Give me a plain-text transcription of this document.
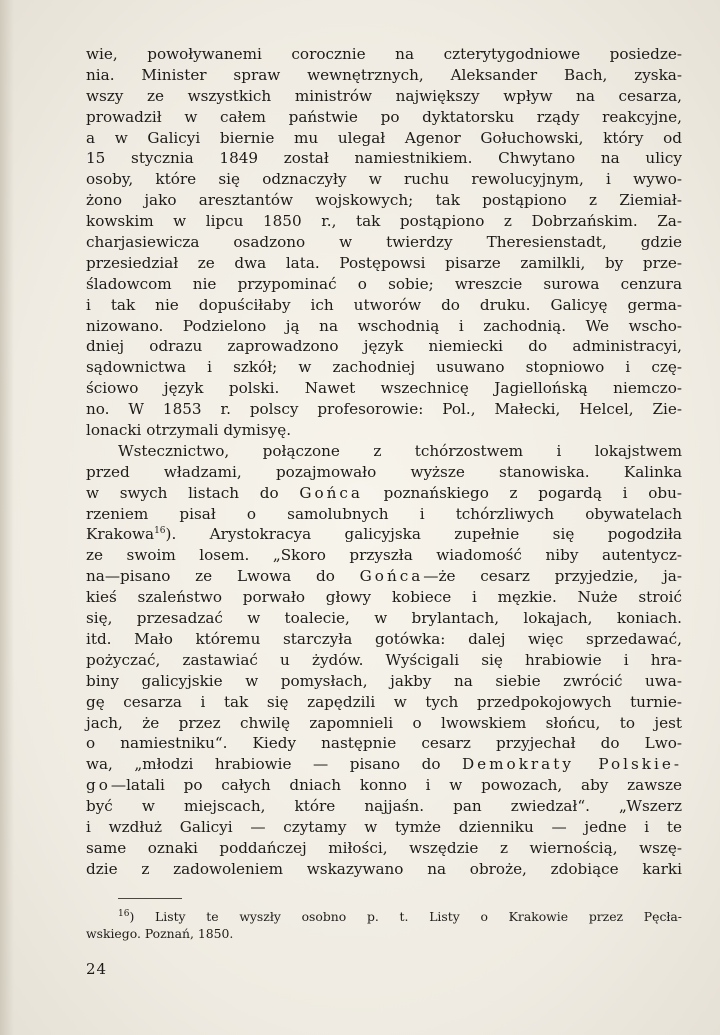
wie, powoływanemi corocznie na czterytygodniowe posiedze-
nia. Minister spraw wewnętrznych, Aleksander Bach, zyska-
wszy ze wszystkich ministrów największy wpływ na cesarza,
prowadził w całem państwie po dyktatorsku rządy reakcyjne,
a w Galicyi biernie mu ulegał Agenor Gołuchowski, który od
15 stycznia 1849 został namiestnikiem. Chwytano na ulicy
osoby, które się odznaczyły w ruchu rewolucyjnym, i wywo-
żono jako aresztantów wojskowych; tak postąpiono z Ziemiał-
kowskim w lipcu 1850 r., tak postąpiono z Dobrzańskim. Za-
charjasiewicza osadzono w twierdzy Theresienstadt, gdzie
przesiedział ze dwa lata. Postępowsi pisarze zamilkli, by prze-
śladowcom nie przypominać o sobie; wreszcie surowa cenzura
i tak nie dopuściłaby ich utworów do druku. Galicyę germa-
nizowano. Podzielono ją na wschodnią i zachodnią. We wscho-
dniej odrazu zaprowadzono język niemiecki do administracyi,
sądownictwa i szkół; w zachodniej usuwano stopniowo i czę-
ściowo język polski. Nawet wszechnicę Jagiellońską niemczo-
no. W 1853 r. polscy profesorowie: Pol., Małecki, Helcel, Zie-
lonacki otrzymali dymisyę.
Wstecznictwo, połączone z tchórzostwem i lokajstwem
przed władzami, pozajmowało wyższe stanowiska. Kalinka
w swych listach do Gońca poznańskiego z pogardą i obu-
rzeniem pisał o samolubnych i tchórzliwych obywatelach
Krakowa$^{16}$). Arystokracya galicyjska zupełnie się pogodziła
ze swoim losem. „Skoro przyszła wiadomość niby autentycz-
na—pisano ze Lwowa do Gońca—że cesarz przyjedzie, ja-
kieś szaleństwo porwało głowy kobiece i męzkie. Nuże stroić
się, przesadzać w toalecie, w brylantach, lokajach, koniach.
itd. Mało któremu starczyła gotówka: dalej więc sprzedawać,
pożyczać, zastawiać u żydów. Wyścigali się hrabiowie i hra-
biny galicyjskie w pomysłach, jakby na siebie zwrócić uwa-
gę cesarza i tak się zapędzili w tych przedpokojowych turnie-
jach, że przez chwilę zapomnieli o lwowskiem słońcu, to jest
o namiestniku“. Kiedy następnie cesarz przyjechał do Lwo-
wa, „młodzi hrabiowie — pisano do Demokraty Polskie-
go—latali po całych dniach konno i w powozach, aby zawsze
być w miejscach, które najjaśn. pan zwiedzał“. „Wszerz
i wzdłuż Galicyi — czytamy w tymże dzienniku — jedne i te
same oznaki poddańczej miłości, wszędzie z wiernością, wszę-
dzie z zadowoleniem wskazywano na obroże, zdobiące karki
$^{16}$) Listy te wyszły osobno p. t. Listy o Krakowie przez Pęcła-
wskiego. Poznań, 1850.
24
